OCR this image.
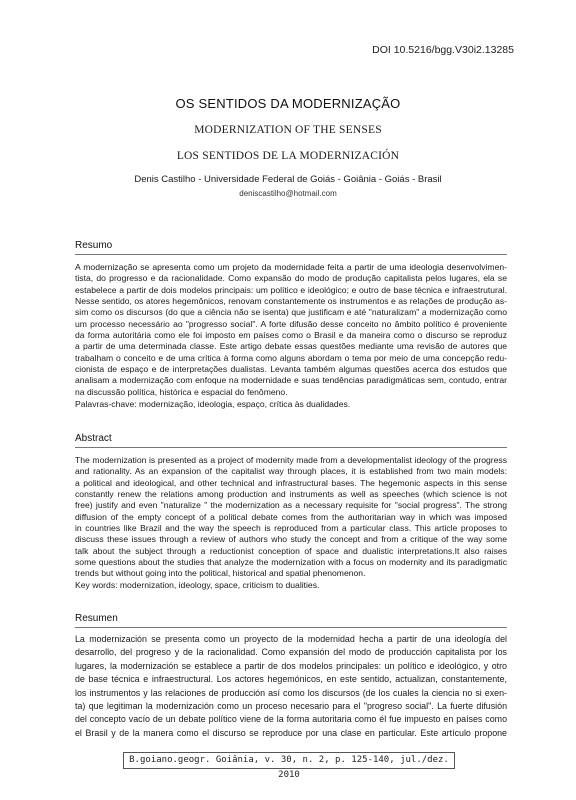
DOI 10.5216/bgg.V30i2.13285
OS SENTIDOS DA MODERNIZAÇÃO
MODERNIZATION OF THE SENSES
LOS SENTIDOS DE LA MODERNIZACIÓN
Denis Castilho - Universidade Federal de Goiás - Goiânia - Goiás - Brasil
deniscastilho@hotmail.com
Resumo
A modernização se apresenta como um projeto da modernidade feita a partir de uma ideologia desenvolvimen-
tista, do progresso e da racionalidade. Como expansão do modo de produção capitalista pelos lugares, ela se
estabelece a partir de dois modelos principais: um político e ideológico; e outro de base técnica e infraestrutural.
Nesse sentido, os atores hegemônicos, renovam constantemente os instrumentos e as relações de produção as-
sim como os discursos (do que a ciência não se isenta) que justificam e até "naturalizam" a modernização como
um processo necessário ao "progresso social". A forte difusão desse conceito no âmbito político é proveniente
da forma autoritária como ele foi imposto em países como o Brasil e da maneira como o discurso se reproduz
a partir de uma determinada classe. Este artigo debate essas questões mediante uma revisão de autores que
trabalham o conceito e de uma crítica à forma como alguns abordam o tema por meio de uma concepção redu-
cionista de espaço e de interpretações dualistas. Levanta também algumas questões acerca dos estudos que
analisam a modernização com enfoque na modernidade e suas tendências paradigmáticas sem, contudo, entrar
na discussão política, histórica e espacial do fenômeno.
Palavras-chave: modernização, ideologia, espaço, crítica às dualidades.
Abstract
The modernization is presented as a project of modernity made from a developmentalist ideology of the progress
and rationality. As an expansion of the capitalist way through places, it is established from two main models:
a political and ideological, and other technical and infrastructural bases. The hegemonic aspects in this sense
constantly renew the relations among production and instruments as well as speeches (which science is not
free) justify and even "naturalize " the modernization as a necessary requisite for "social progress". The strong
diffusion of the empty concept of a political debate comes from the authoritarian way in which was imposed
in countries like Brazil and the way the speech is reproduced from a particular class. This article proposes to
discuss these issues through a review of authors who study the concept and from a critique of the way some
talk about the subject through a reductionist conception of space and dualistic interpretations.It also raises
some questions about the studies that analyze the modernization with a focus on modernity and its paradigmatic
trends but without going into the political, historical and spatial phenomenon.
Key words: modernization, ideology, space, criticism to dualities.
Resumen
La modernización se presenta como un proyecto de la modernidad hecha a partir de una ideología del
desarrollo, del progreso y de la racionalidad. Como expansión del modo de producción capitalista por los
lugares, la modernización se establece a partir de dos modelos principales: un político e ideológico, y otro
de base técnica e infraestructural. Los actores hegemónicos, en este sentido, actualizan, constantemente,
los instrumentos y las relaciones de producción así como los discursos (de los cuales la ciencia no si exen-
ta) que legitiman la modernización como un proceso necesario para el "progreso social". La fuerte difusión
del concepto vacío de un debate político viene de la forma autoritaria como él fue impuesto en países como
el Brasil y de la manera como el discurso se reproduce por una clase en particular. Este artículo propone
B.goiano.geogr. Goiânia, v. 30, n. 2, p. 125-140, jul./dez. 2010
